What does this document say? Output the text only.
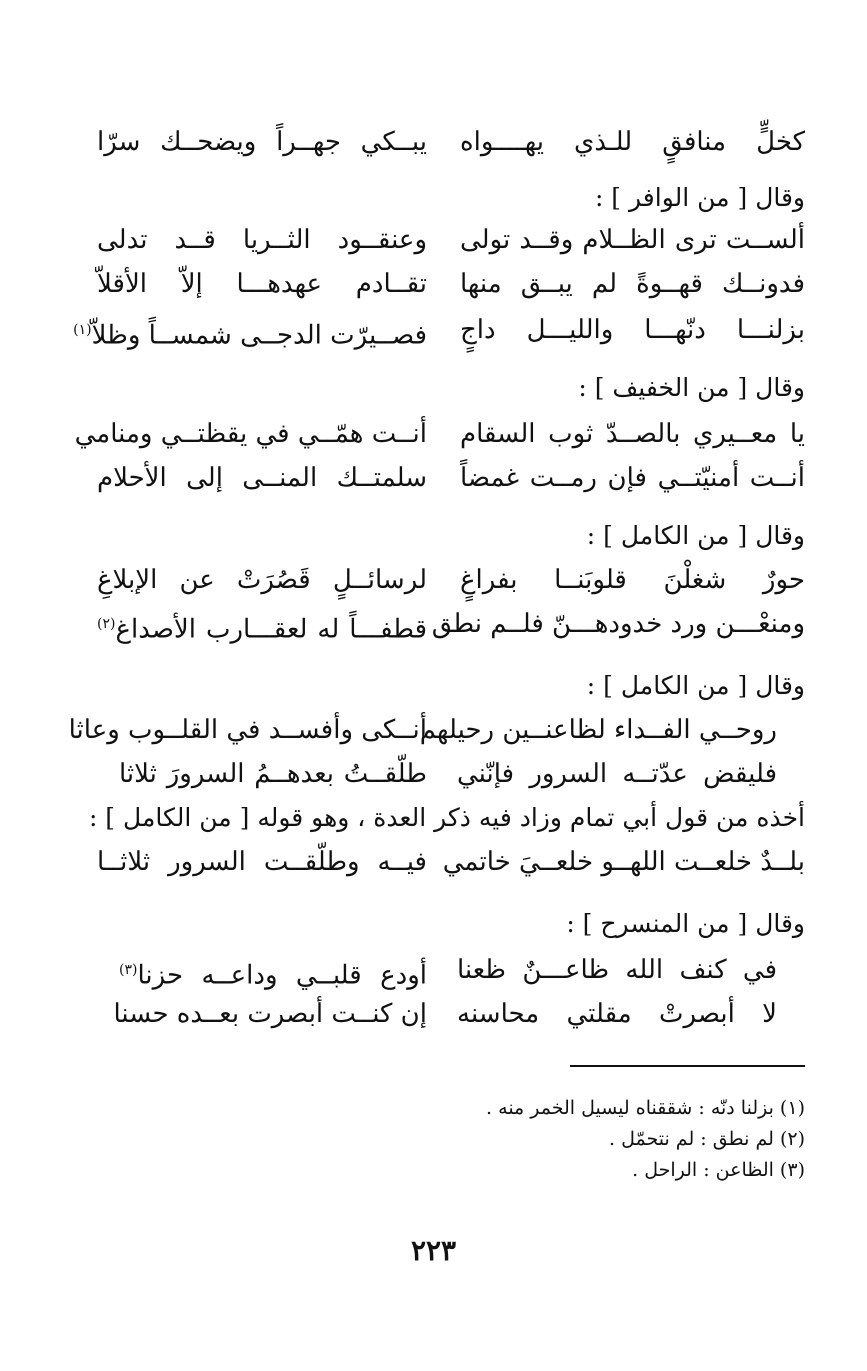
كخلٍّ منافقٍ للـذي يهــــواه
يبــكي جهــراً ويضحــك سرّا
وقال [ من الوافر ] :
ألســت ترى الظــلام وقــد تولى
وعنقــود الثــريا قــد تدلى
فدونــك قهــوةً لم يبــق منها
تقــادم عهدهـــا إلاّ الأقلاّ
بزلنـــا دنّهـــا والليـــل داجٍ
فصــيرّت الدجــى شمســاً وظلاّ$^{(١)}$
وقال [ من الخفيف ] :
يا معــيري بالصــدّ ثوب السقام
أنــت همّــي في يقظتــي ومنامي
أنــت أمنيّتــي فإن رمــت غمضاً
سلمتــك المنــى إلى الأحلام
وقال [ من الكامل ] :
حورٌ شغلْنَ قلوبَنــا بفراغٍ
لرسائــلٍ قَصُرَتْ عن الإبلاغِ
ومنعْـــن ورد خدودهـــنّ فلــم نطق
قطفـــاً له لعقـــارب الأصداغ$^{(٢)}$
وقال [ من الكامل ] :
روحــي الفــداء لظاعنــين رحيلهم
أنــكى وأفســد في القلــوب وعاثا
فليقض عدّتــه السرور فإنّني
طلّقــتُ بعدهــمُ السرورَ ثلاثا
أخذه من قول أبي تمام وزاد فيه ذكر العدة ، وهو قوله [ من الكامل ] :
بلــدٌ خلعــت اللهــو خلعــيَ خاتمي
فيــه وطلّقــت السرور ثلاثــا
وقال [ من المنسرح ] :
في كنف الله ظاعـــنٌ ظعنا
أودع قلبــي وداعــه حزنا$^{(٣)}$
لا أبصرتْ مقلتي محاسنه
إن كنــت أبصرت بعــده حسنا
(١) بزلنا دنّه : شققناه ليسيل الخمر منه .
(٢) لم نطق : لم نتحمّل .
(٣) الظاعن : الراحل .
٢٢٣
